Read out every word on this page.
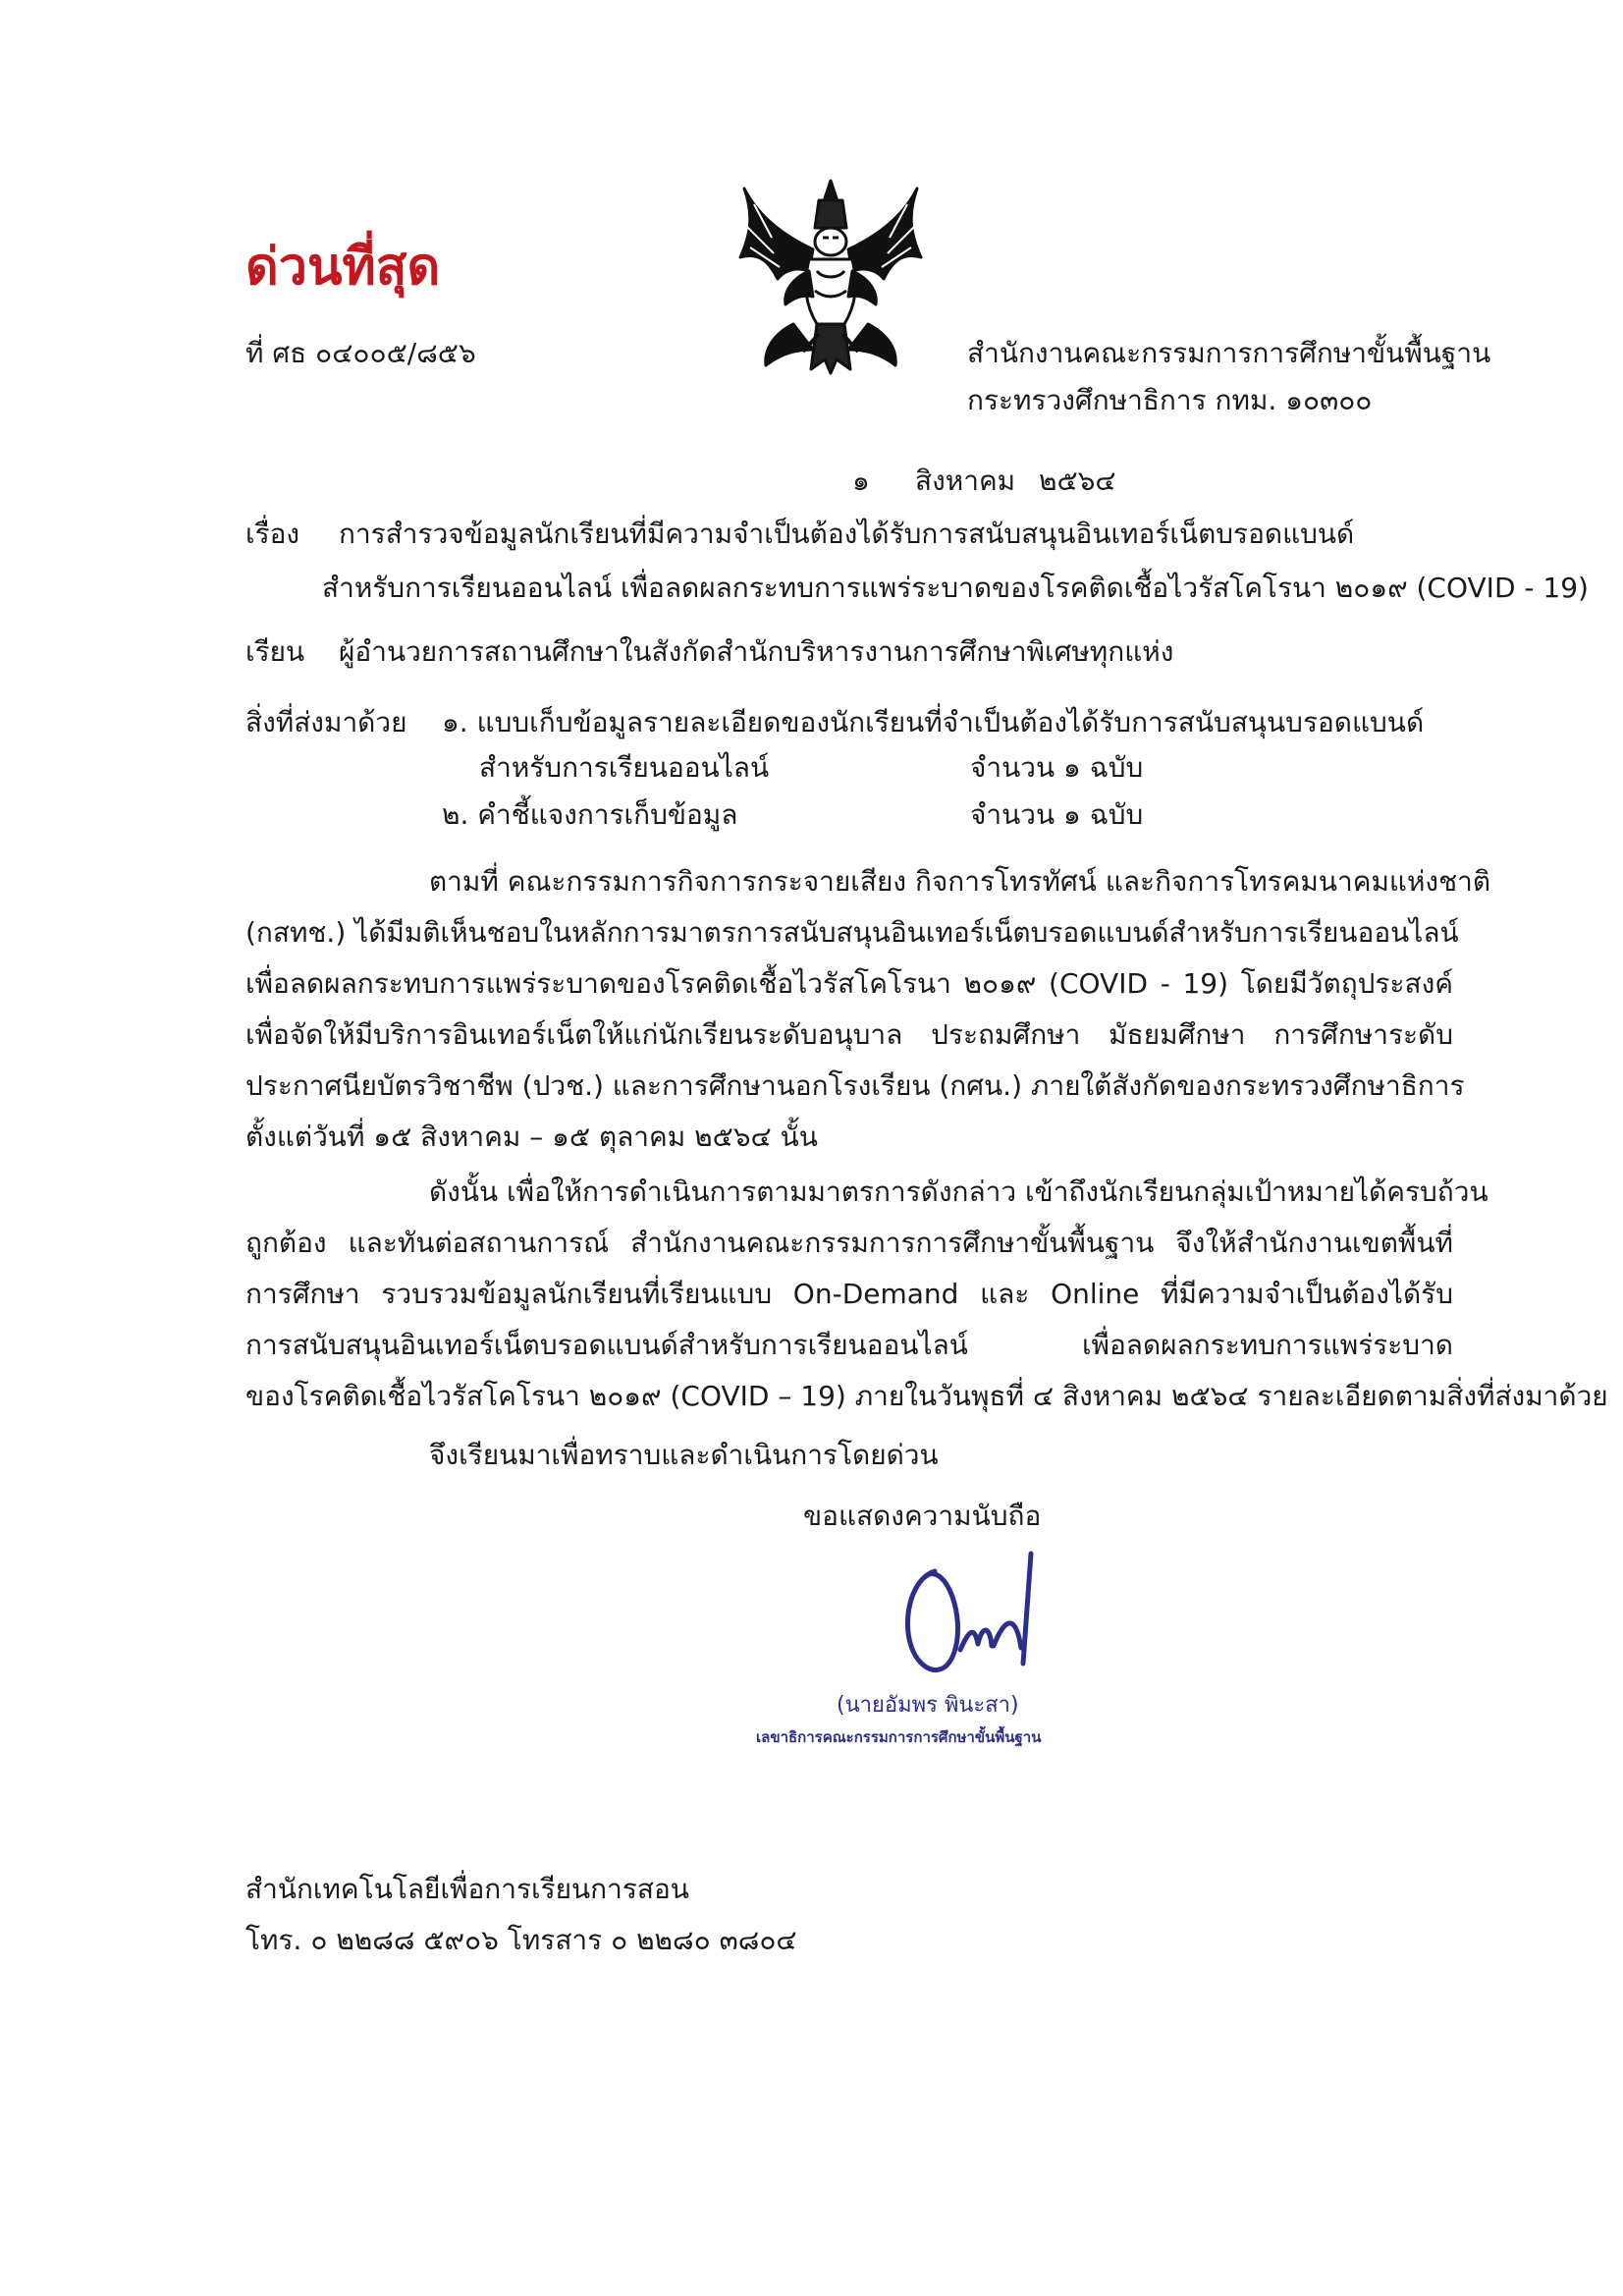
ด่วนที่สุด
ที่ ศธ ๐๔๐๐๕/๘๕๖	สำนักงานคณะกรรมการการศึกษาขั้นพื้นฐาน
กระทรวงศึกษาธิการ กทม. ๑๐๓๐๐
๑ สิงหาคม ๒๕๖๔
เรื่อง การสำรวจข้อมูลนักเรียนที่มีความจำเป็นต้องได้รับการสนับสนุนอินเทอร์เน็ตบรอดแบนด์
สำหรับการเรียนออนไลน์ เพื่อลดผลกระทบการแพร่ระบาดของโรคติดเชื้อไวรัสโคโรนา ๒๐๑๙ (COVID - 19)
เรียน ผู้อำนวยการสถานศึกษาในสังกัดสำนักบริหารงานการศึกษาพิเศษทุกแห่ง
สิ่งที่ส่งมาด้วย ๑. แบบเก็บข้อมูลรายละเอียดของนักเรียนที่จำเป็นต้องได้รับการสนับสนุนบรอดแบนด์
สำหรับการเรียนออนไลน์	จำนวน ๑ ฉบับ
๒. คำชี้แจงการเก็บข้อมูล	จำนวน ๑ ฉบับ
ตามที่ คณะกรรมการกิจการกระจายเสียง กิจการโทรทัศน์ และกิจการโทรคมนาคมแห่งชาติ
(กสทช.) ได้มีมติเห็นชอบในหลักการมาตรการสนับสนุนอินเทอร์เน็ตบรอดแบนด์สำหรับการเรียนออนไลน์
เพื่อลดผลกระทบการแพร่ระบาดของโรคติดเชื้อไวรัสโคโรนา ๒๐๑๙ (COVID - 19) โดยมีวัตถุประสงค์
เพื่อจัดให้มีบริการอินเทอร์เน็ตให้แก่นักเรียนระดับอนุบาล ประถมศึกษา มัธยมศึกษา การศึกษาระดับ
ประกาศนียบัตรวิชาชีพ (ปวช.) และการศึกษานอกโรงเรียน (กศน.) ภายใต้สังกัดของกระทรวงศึกษาธิการ
ตั้งแต่วันที่ ๑๕ สิงหาคม – ๑๕ ตุลาคม ๒๕๖๔ นั้น
ดังนั้น เพื่อให้การดำเนินการตามมาตรการดังกล่าว เข้าถึงนักเรียนกลุ่มเป้าหมายได้ครบถ้วน
ถูกต้อง และทันต่อสถานการณ์ สำนักงานคณะกรรมการการศึกษาขั้นพื้นฐาน จึงให้สำนักงานเขตพื้นที่
การศึกษา รวบรวมข้อมูลนักเรียนที่เรียนแบบ On-Demand และ Online ที่มีความจำเป็นต้องได้รับ
การสนับสนุนอินเทอร์เน็ตบรอดแบนด์สำหรับการเรียนออนไลน์ เพื่อลดผลกระทบการแพร่ระบาด
ของโรคติดเชื้อไวรัสโคโรนา ๒๐๑๙ (COVID – 19) ภายในวันพุธที่ ๔ สิงหาคม ๒๕๖๔ รายละเอียดตามสิ่งที่ส่งมาด้วย
จึงเรียนมาเพื่อทราบและดำเนินการโดยด่วน
ขอแสดงความนับถือ
(นายอัมพร พินะสา)
เลขาธิการคณะกรรมการการศึกษาขั้นพื้นฐาน
สำนักเทคโนโลยีเพื่อการเรียนการสอน
โทร. ๐ ๒๒๘๘ ๕๙๐๖ โทรสาร ๐ ๒๒๘๐ ๓๘๐๔
